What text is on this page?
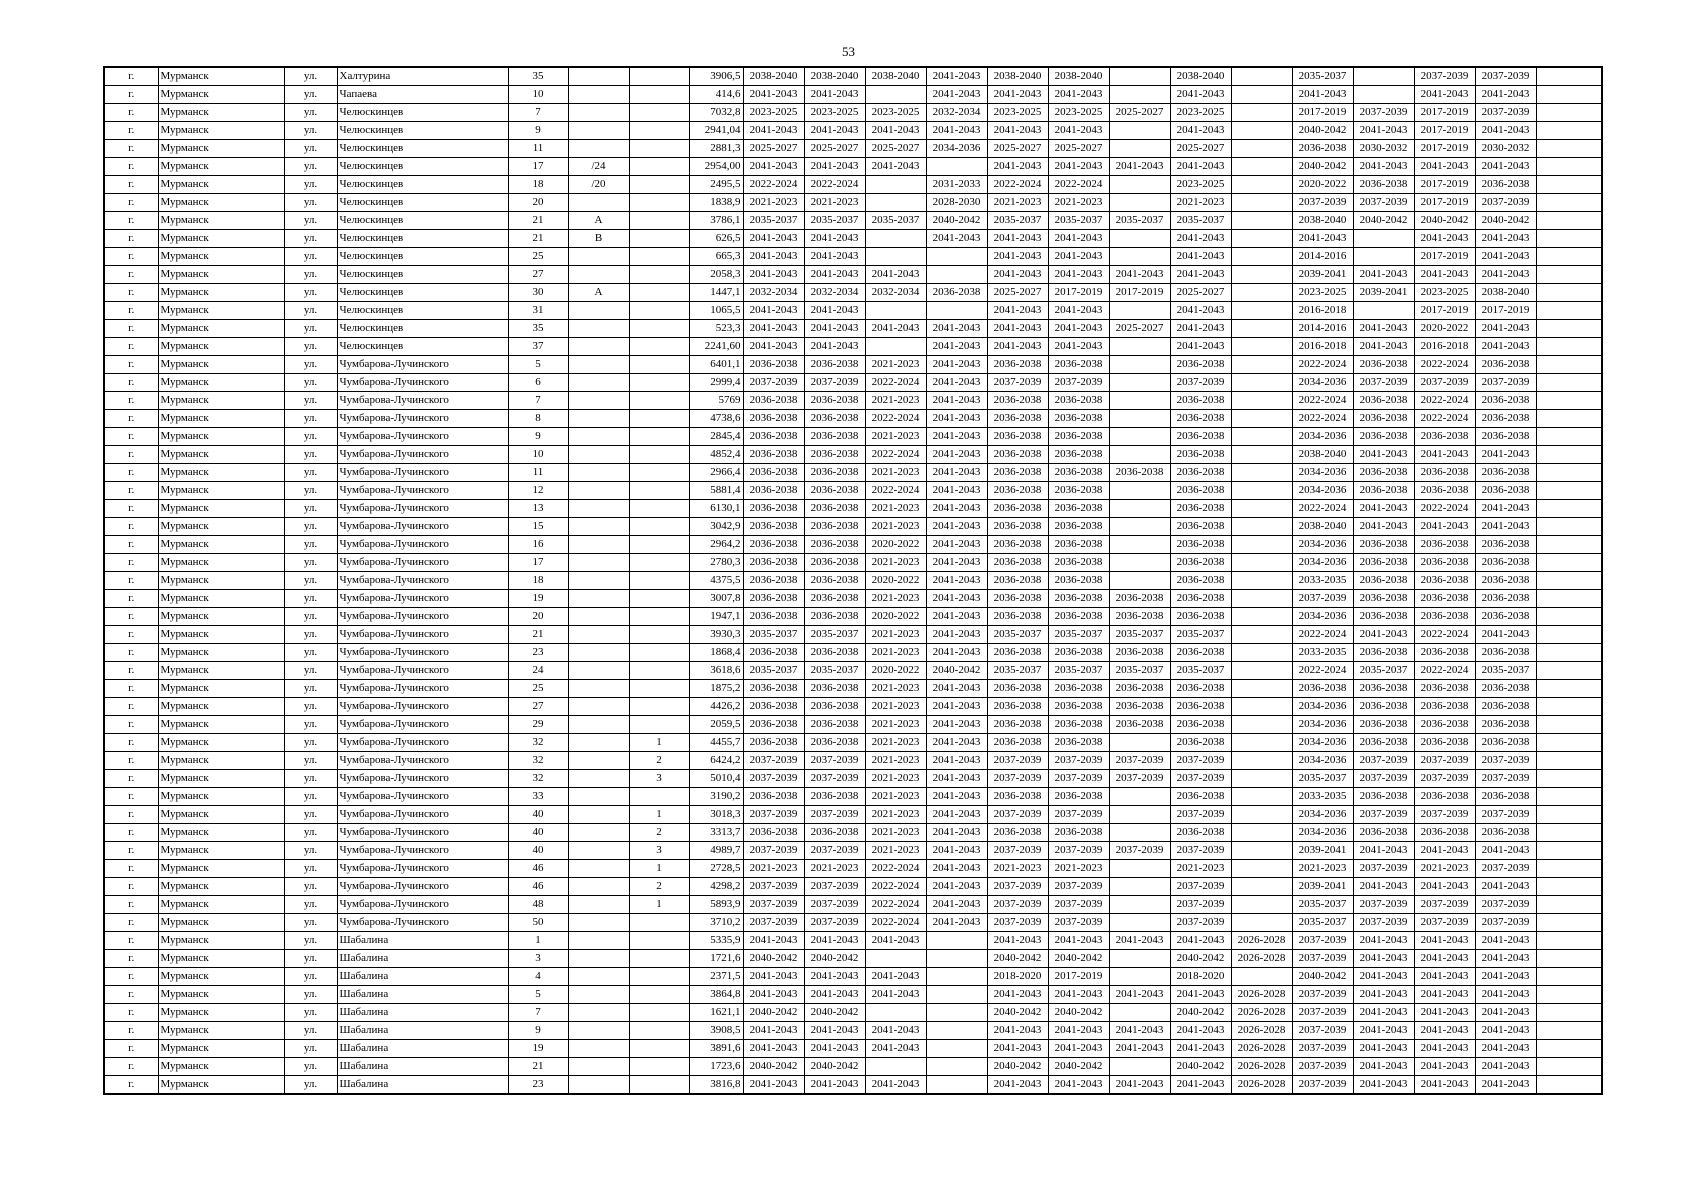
53
г.	Мурманск	ул.	Халтурина	35			3906,5	2038-2040	2038-2040	2038-2040	2041-2043	2038-2040	2038-2040		2038-2040		2035-2037		2037-2039	2037-2039	
г.	Мурманск	ул.	Чапаева	10			414,6	2041-2043	2041-2043		2041-2043	2041-2043	2041-2043		2041-2043		2041-2043		2041-2043	2041-2043	
г.	Мурманск	ул.	Челюскинцев	7			7032,8	2023-2025	2023-2025	2023-2025	2032-2034	2023-2025	2023-2025	2025-2027	2023-2025		2017-2019	2037-2039	2017-2019	2037-2039	
г.	Мурманск	ул.	Челюскинцев	9			2941,04	2041-2043	2041-2043	2041-2043	2041-2043	2041-2043	2041-2043		2041-2043		2040-2042	2041-2043	2017-2019	2041-2043	
г.	Мурманск	ул.	Челюскинцев	11			2881,3	2025-2027	2025-2027	2025-2027	2034-2036	2025-2027	2025-2027		2025-2027		2036-2038	2030-2032	2017-2019	2030-2032	
г.	Мурманск	ул.	Челюскинцев	17	/24		2954,00	2041-2043	2041-2043	2041-2043		2041-2043	2041-2043	2041-2043	2041-2043		2040-2042	2041-2043	2041-2043	2041-2043	
г.	Мурманск	ул.	Челюскинцев	18	/20		2495,5	2022-2024	2022-2024		2031-2033	2022-2024	2022-2024		2023-2025		2020-2022	2036-2038	2017-2019	2036-2038	
г.	Мурманск	ул.	Челюскинцев	20			1838,9	2021-2023	2021-2023		2028-2030	2021-2023	2021-2023		2021-2023		2037-2039	2037-2039	2017-2019	2037-2039	
г.	Мурманск	ул.	Челюскинцев	21	А		3786,1	2035-2037	2035-2037	2035-2037	2040-2042	2035-2037	2035-2037	2035-2037	2035-2037		2038-2040	2040-2042	2040-2042	2040-2042	
г.	Мурманск	ул.	Челюскинцев	21	В		626,5	2041-2043	2041-2043		2041-2043	2041-2043	2041-2043		2041-2043		2041-2043		2041-2043	2041-2043	
г.	Мурманск	ул.	Челюскинцев	25			665,3	2041-2043	2041-2043			2041-2043	2041-2043		2041-2043		2014-2016		2017-2019	2041-2043	
г.	Мурманск	ул.	Челюскинцев	27			2058,3	2041-2043	2041-2043	2041-2043		2041-2043	2041-2043	2041-2043	2041-2043		2039-2041	2041-2043	2041-2043	2041-2043	
г.	Мурманск	ул.	Челюскинцев	30	А		1447,1	2032-2034	2032-2034	2032-2034	2036-2038	2025-2027	2017-2019	2017-2019	2025-2027		2023-2025	2039-2041	2023-2025	2038-2040	
г.	Мурманск	ул.	Челюскинцев	31			1065,5	2041-2043	2041-2043			2041-2043	2041-2043		2041-2043		2016-2018		2017-2019	2017-2019	
г.	Мурманск	ул.	Челюскинцев	35			523,3	2041-2043	2041-2043	2041-2043	2041-2043	2041-2043	2041-2043	2025-2027	2041-2043		2014-2016	2041-2043	2020-2022	2041-2043	
г.	Мурманск	ул.	Челюскинцев	37			2241,60	2041-2043	2041-2043		2041-2043	2041-2043	2041-2043		2041-2043		2016-2018	2041-2043	2016-2018	2041-2043	
г.	Мурманск	ул.	Чумбарова-Лучинского	5			6401,1	2036-2038	2036-2038	2021-2023	2041-2043	2036-2038	2036-2038		2036-2038		2022-2024	2036-2038	2022-2024	2036-2038	
г.	Мурманск	ул.	Чумбарова-Лучинского	6			2999,4	2037-2039	2037-2039	2022-2024	2041-2043	2037-2039	2037-2039		2037-2039		2034-2036	2037-2039	2037-2039	2037-2039	
г.	Мурманск	ул.	Чумбарова-Лучинского	7			5769	2036-2038	2036-2038	2021-2023	2041-2043	2036-2038	2036-2038		2036-2038		2022-2024	2036-2038	2022-2024	2036-2038	
г.	Мурманск	ул.	Чумбарова-Лучинского	8			4738,6	2036-2038	2036-2038	2022-2024	2041-2043	2036-2038	2036-2038		2036-2038		2022-2024	2036-2038	2022-2024	2036-2038	
г.	Мурманск	ул.	Чумбарова-Лучинского	9			2845,4	2036-2038	2036-2038	2021-2023	2041-2043	2036-2038	2036-2038		2036-2038		2034-2036	2036-2038	2036-2038	2036-2038	
г.	Мурманск	ул.	Чумбарова-Лучинского	10			4852,4	2036-2038	2036-2038	2022-2024	2041-2043	2036-2038	2036-2038		2036-2038		2038-2040	2041-2043	2041-2043	2041-2043	
г.	Мурманск	ул.	Чумбарова-Лучинского	11			2966,4	2036-2038	2036-2038	2021-2023	2041-2043	2036-2038	2036-2038	2036-2038	2036-2038		2034-2036	2036-2038	2036-2038	2036-2038	
г.	Мурманск	ул.	Чумбарова-Лучинского	12			5881,4	2036-2038	2036-2038	2022-2024	2041-2043	2036-2038	2036-2038		2036-2038		2034-2036	2036-2038	2036-2038	2036-2038	
г.	Мурманск	ул.	Чумбарова-Лучинского	13			6130,1	2036-2038	2036-2038	2021-2023	2041-2043	2036-2038	2036-2038		2036-2038		2022-2024	2041-2043	2022-2024	2041-2043	
г.	Мурманск	ул.	Чумбарова-Лучинского	15			3042,9	2036-2038	2036-2038	2021-2023	2041-2043	2036-2038	2036-2038		2036-2038		2038-2040	2041-2043	2041-2043	2041-2043	
г.	Мурманск	ул.	Чумбарова-Лучинского	16			2964,2	2036-2038	2036-2038	2020-2022	2041-2043	2036-2038	2036-2038		2036-2038		2034-2036	2036-2038	2036-2038	2036-2038	
г.	Мурманск	ул.	Чумбарова-Лучинского	17			2780,3	2036-2038	2036-2038	2021-2023	2041-2043	2036-2038	2036-2038		2036-2038		2034-2036	2036-2038	2036-2038	2036-2038	
г.	Мурманск	ул.	Чумбарова-Лучинского	18			4375,5	2036-2038	2036-2038	2020-2022	2041-2043	2036-2038	2036-2038		2036-2038		2033-2035	2036-2038	2036-2038	2036-2038	
г.	Мурманск	ул.	Чумбарова-Лучинского	19			3007,8	2036-2038	2036-2038	2021-2023	2041-2043	2036-2038	2036-2038	2036-2038	2036-2038		2037-2039	2036-2038	2036-2038	2036-2038	
г.	Мурманск	ул.	Чумбарова-Лучинского	20			1947,1	2036-2038	2036-2038	2020-2022	2041-2043	2036-2038	2036-2038	2036-2038	2036-2038		2034-2036	2036-2038	2036-2038	2036-2038	
г.	Мурманск	ул.	Чумбарова-Лучинского	21			3930,3	2035-2037	2035-2037	2021-2023	2041-2043	2035-2037	2035-2037	2035-2037	2035-2037		2022-2024	2041-2043	2022-2024	2041-2043	
г.	Мурманск	ул.	Чумбарова-Лучинского	23			1868,4	2036-2038	2036-2038	2021-2023	2041-2043	2036-2038	2036-2038	2036-2038	2036-2038		2033-2035	2036-2038	2036-2038	2036-2038	
г.	Мурманск	ул.	Чумбарова-Лучинского	24			3618,6	2035-2037	2035-2037	2020-2022	2040-2042	2035-2037	2035-2037	2035-2037	2035-2037		2022-2024	2035-2037	2022-2024	2035-2037	
г.	Мурманск	ул.	Чумбарова-Лучинского	25			1875,2	2036-2038	2036-2038	2021-2023	2041-2043	2036-2038	2036-2038	2036-2038	2036-2038		2036-2038	2036-2038	2036-2038	2036-2038	
г.	Мурманск	ул.	Чумбарова-Лучинского	27			4426,2	2036-2038	2036-2038	2021-2023	2041-2043	2036-2038	2036-2038	2036-2038	2036-2038		2034-2036	2036-2038	2036-2038	2036-2038	
г.	Мурманск	ул.	Чумбарова-Лучинского	29			2059,5	2036-2038	2036-2038	2021-2023	2041-2043	2036-2038	2036-2038	2036-2038	2036-2038		2034-2036	2036-2038	2036-2038	2036-2038	
г.	Мурманск	ул.	Чумбарова-Лучинского	32		1	4455,7	2036-2038	2036-2038	2021-2023	2041-2043	2036-2038	2036-2038		2036-2038		2034-2036	2036-2038	2036-2038	2036-2038	
г.	Мурманск	ул.	Чумбарова-Лучинского	32		2	6424,2	2037-2039	2037-2039	2021-2023	2041-2043	2037-2039	2037-2039	2037-2039	2037-2039		2034-2036	2037-2039	2037-2039	2037-2039	
г.	Мурманск	ул.	Чумбарова-Лучинского	32		3	5010,4	2037-2039	2037-2039	2021-2023	2041-2043	2037-2039	2037-2039	2037-2039	2037-2039		2035-2037	2037-2039	2037-2039	2037-2039	
г.	Мурманск	ул.	Чумбарова-Лучинского	33			3190,2	2036-2038	2036-2038	2021-2023	2041-2043	2036-2038	2036-2038		2036-2038		2033-2035	2036-2038	2036-2038	2036-2038	
г.	Мурманск	ул.	Чумбарова-Лучинского	40		1	3018,3	2037-2039	2037-2039	2021-2023	2041-2043	2037-2039	2037-2039		2037-2039		2034-2036	2037-2039	2037-2039	2037-2039	
г.	Мурманск	ул.	Чумбарова-Лучинского	40		2	3313,7	2036-2038	2036-2038	2021-2023	2041-2043	2036-2038	2036-2038		2036-2038		2034-2036	2036-2038	2036-2038	2036-2038	
г.	Мурманск	ул.	Чумбарова-Лучинского	40		3	4989,7	2037-2039	2037-2039	2021-2023	2041-2043	2037-2039	2037-2039	2037-2039	2037-2039		2039-2041	2041-2043	2041-2043	2041-2043	
г.	Мурманск	ул.	Чумбарова-Лучинского	46		1	2728,5	2021-2023	2021-2023	2022-2024	2041-2043	2021-2023	2021-2023		2021-2023		2021-2023	2037-2039	2021-2023	2037-2039	
г.	Мурманск	ул.	Чумбарова-Лучинского	46		2	4298,2	2037-2039	2037-2039	2022-2024	2041-2043	2037-2039	2037-2039		2037-2039		2039-2041	2041-2043	2041-2043	2041-2043	
г.	Мурманск	ул.	Чумбарова-Лучинского	48		1	5893,9	2037-2039	2037-2039	2022-2024	2041-2043	2037-2039	2037-2039		2037-2039		2035-2037	2037-2039	2037-2039	2037-2039	
г.	Мурманск	ул.	Чумбарова-Лучинского	50			3710,2	2037-2039	2037-2039	2022-2024	2041-2043	2037-2039	2037-2039		2037-2039		2035-2037	2037-2039	2037-2039	2037-2039	
г.	Мурманск	ул.	Шабалина	1			5335,9	2041-2043	2041-2043	2041-2043		2041-2043	2041-2043	2041-2043	2041-2043	2026-2028	2037-2039	2041-2043	2041-2043	2041-2043	
г.	Мурманск	ул.	Шабалина	3			1721,6	2040-2042	2040-2042			2040-2042	2040-2042		2040-2042	2026-2028	2037-2039	2041-2043	2041-2043	2041-2043	
г.	Мурманск	ул.	Шабалина	4			2371,5	2041-2043	2041-2043	2041-2043		2018-2020	2017-2019		2018-2020		2040-2042	2041-2043	2041-2043	2041-2043	
г.	Мурманск	ул.	Шабалина	5			3864,8	2041-2043	2041-2043	2041-2043		2041-2043	2041-2043	2041-2043	2041-2043	2026-2028	2037-2039	2041-2043	2041-2043	2041-2043	
г.	Мурманск	ул.	Шабалина	7			1621,1	2040-2042	2040-2042			2040-2042	2040-2042		2040-2042	2026-2028	2037-2039	2041-2043	2041-2043	2041-2043	
г.	Мурманск	ул.	Шабалина	9			3908,5	2041-2043	2041-2043	2041-2043		2041-2043	2041-2043	2041-2043	2041-2043	2026-2028	2037-2039	2041-2043	2041-2043	2041-2043	
г.	Мурманск	ул.	Шабалина	19			3891,6	2041-2043	2041-2043	2041-2043		2041-2043	2041-2043	2041-2043	2041-2043	2026-2028	2037-2039	2041-2043	2041-2043	2041-2043	
г.	Мурманск	ул.	Шабалина	21			1723,6	2040-2042	2040-2042			2040-2042	2040-2042		2040-2042	2026-2028	2037-2039	2041-2043	2041-2043	2041-2043	
г.	Мурманск	ул.	Шабалина	23			3816,8	2041-2043	2041-2043	2041-2043		2041-2043	2041-2043	2041-2043	2041-2043	2026-2028	2037-2039	2041-2043	2041-2043	2041-2043	
